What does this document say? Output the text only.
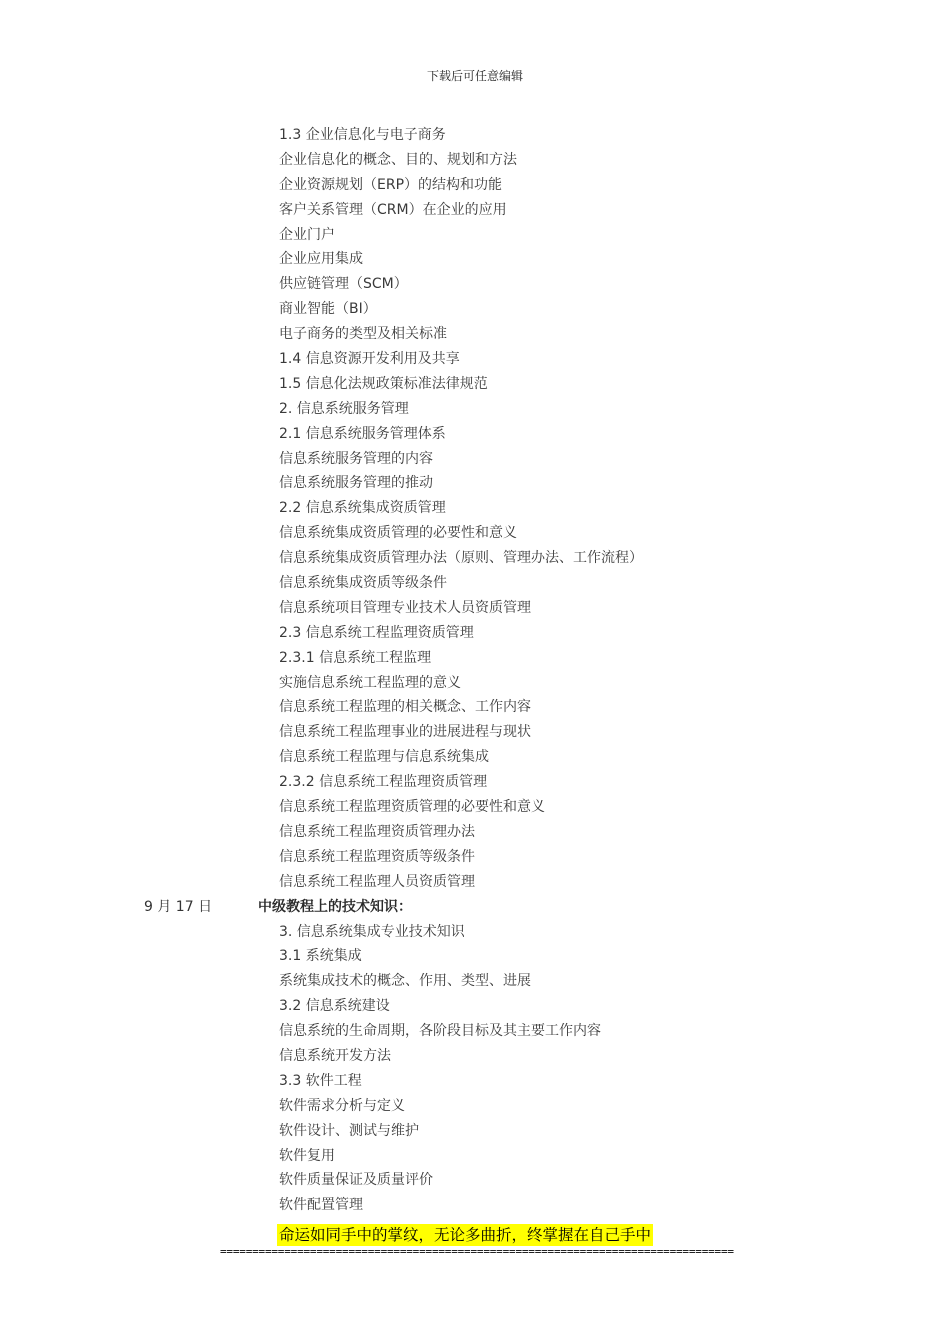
下载后可任意编辑
1.3 企业信息化与电子商务
企业信息化的概念、目的、规划和方法
企业资源规划（ERP）的结构和功能
客户关系管理（CRM）在企业的应用
企业门户
企业应用集成
供应链管理（SCM）
商业智能（BI）
电子商务的类型及相关标准
1.4 信息资源开发利用及共享
1.5 信息化法规政策标准法律规范
2. 信息系统服务管理
2.1 信息系统服务管理体系
信息系统服务管理的内容
信息系统服务管理的推动
2.2 信息系统集成资质管理
信息系统集成资质管理的必要性和意义
信息系统集成资质管理办法（原则、管理办法、工作流程）
信息系统集成资质等级条件
信息系统项目管理专业技术人员资质管理
2.3 信息系统工程监理资质管理
2.3.1 信息系统工程监理
实施信息系统工程监理的意义
信息系统工程监理的相关概念、工作内容
信息系统工程监理事业的进展进程与现状
信息系统工程监理与信息系统集成
2.3.2 信息系统工程监理资质管理
信息系统工程监理资质管理的必要性和意义
信息系统工程监理资质管理办法
信息系统工程监理资质等级条件
信息系统工程监理人员资质管理
9 月 17 日	中级教程上的技术知识：
3. 信息系统集成专业技术知识
3.1 系统集成
系统集成技术的概念、作用、类型、进展
3.2 信息系统建设
信息系统的生命周期，各阶段目标及其主要工作内容
信息系统开发方法
3.3 软件工程
软件需求分析与定义
软件设计、测试与维护
软件复用
软件质量保证及质量评价
软件配置管理
命运如同手中的掌纹，无论多曲折，终掌握在自己手中
================================================================================
